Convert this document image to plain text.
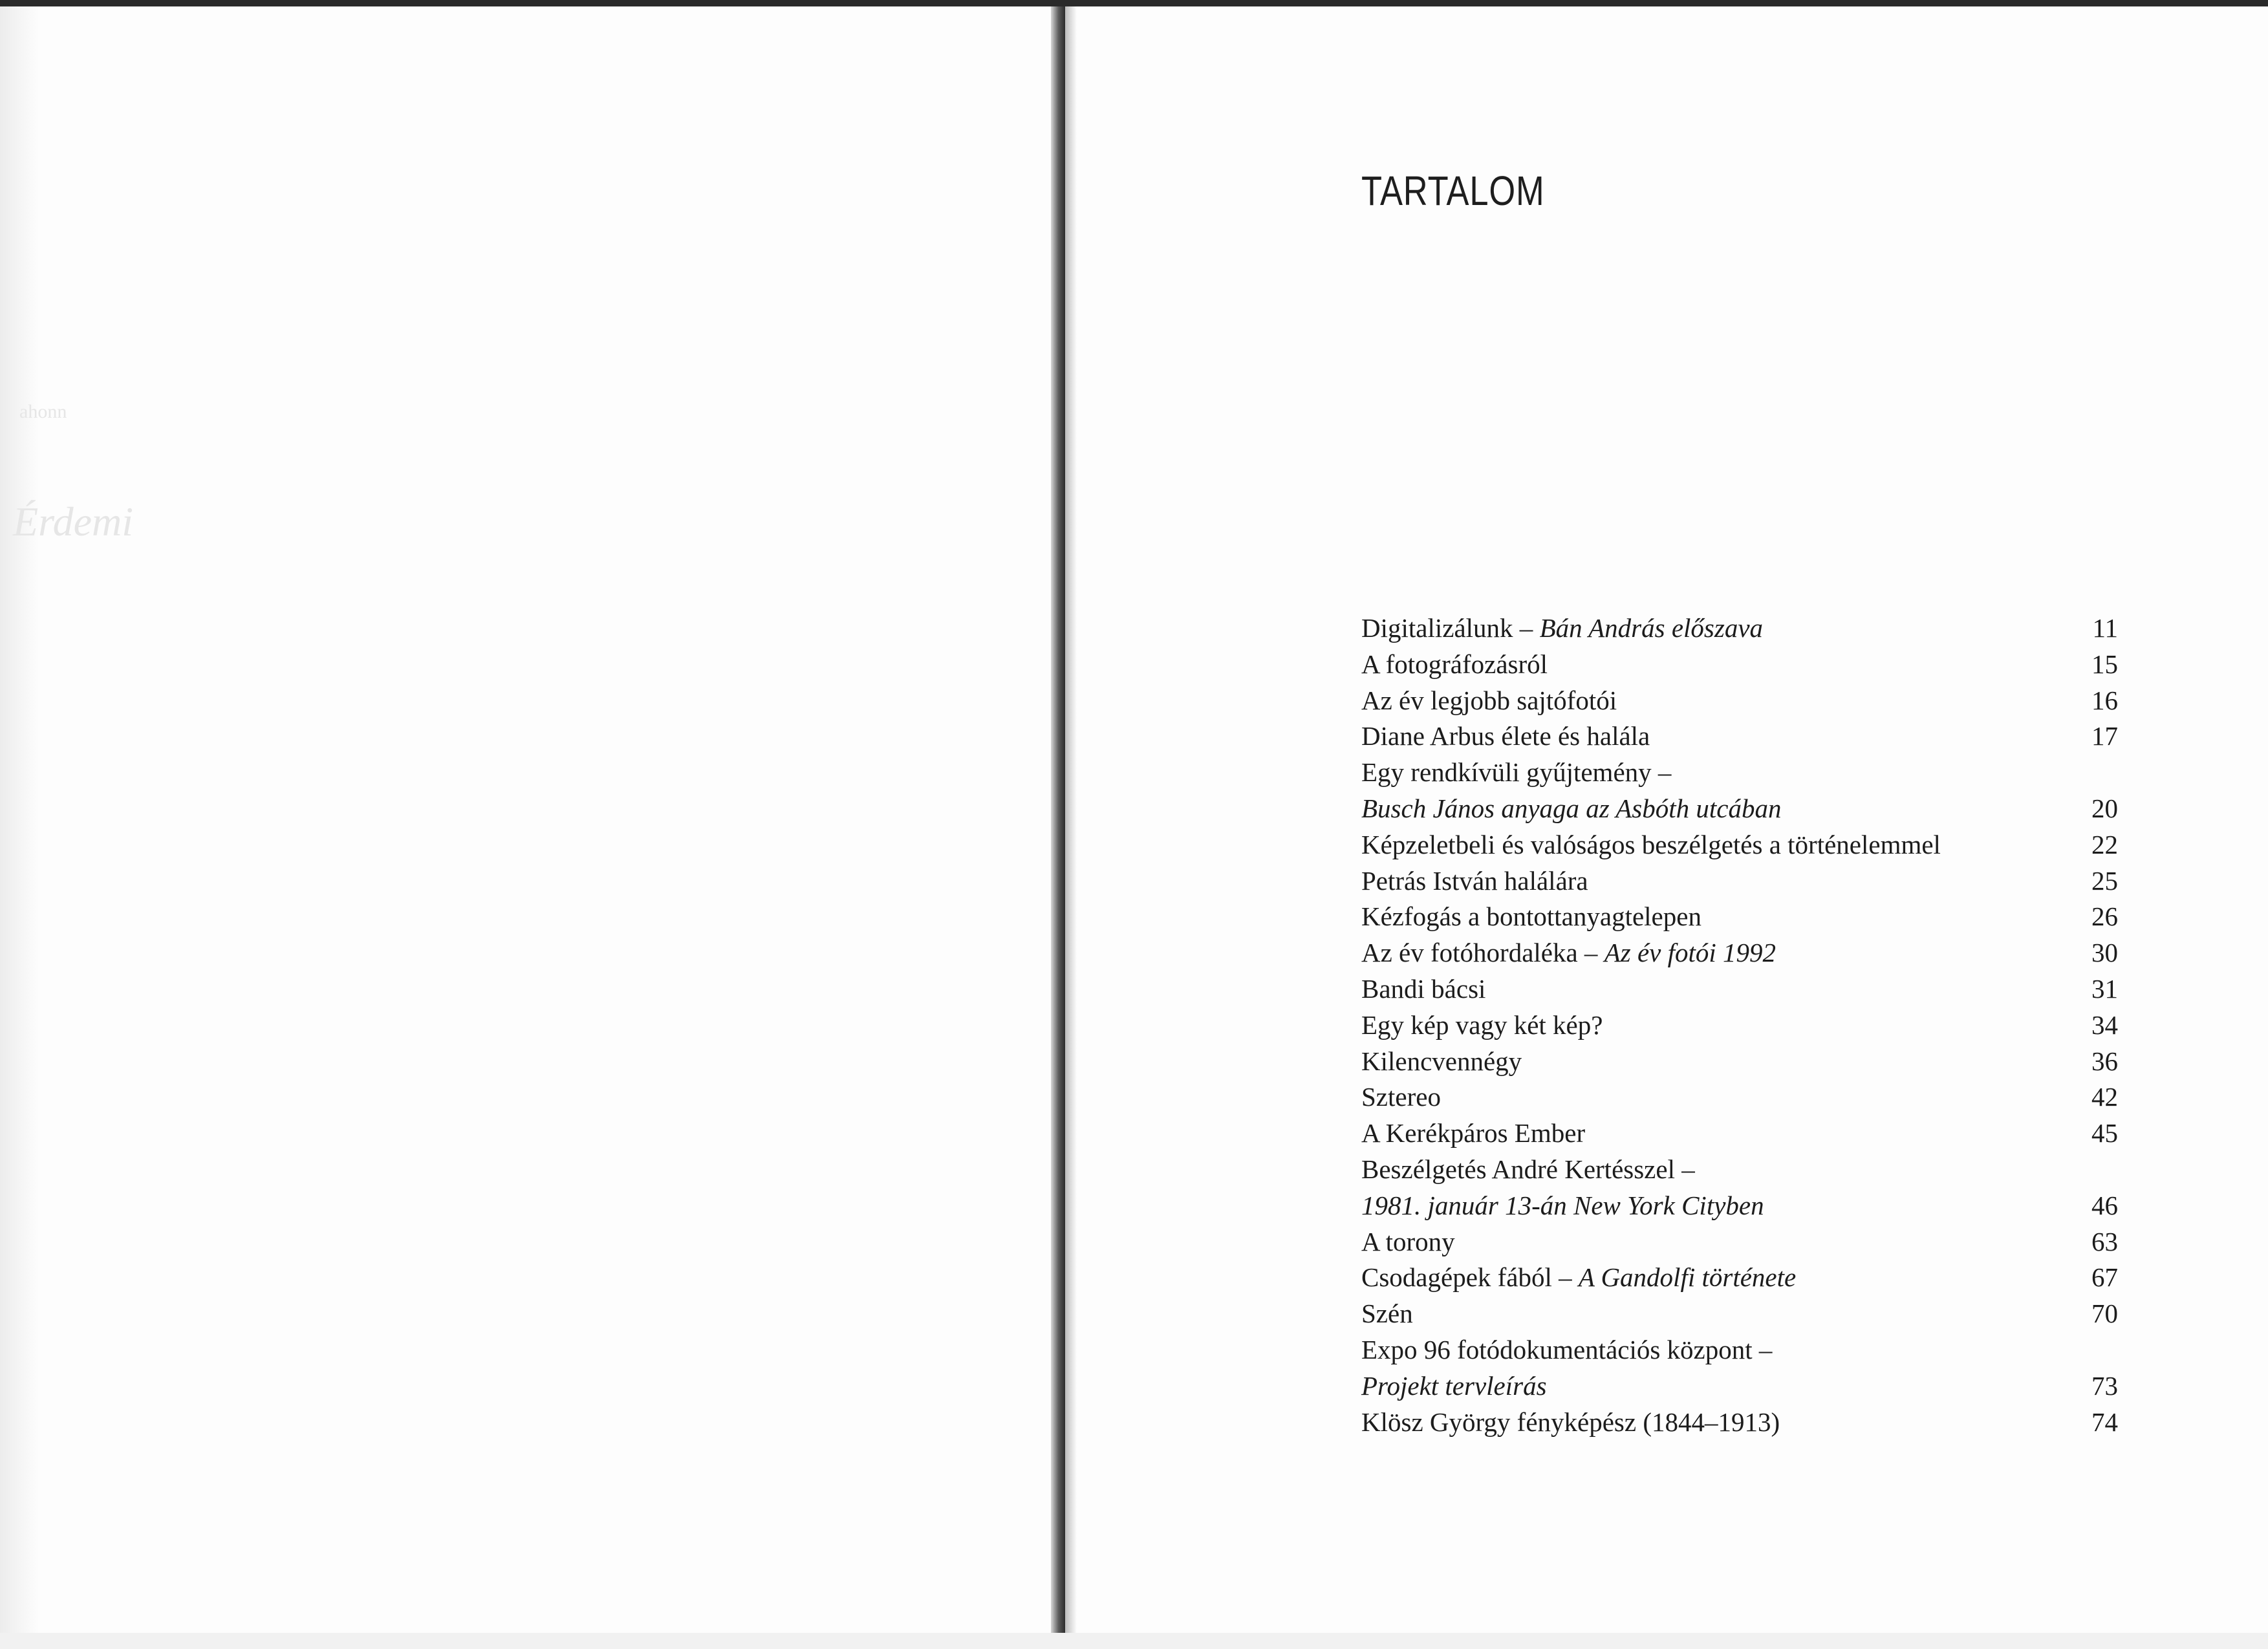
ahonn
Érdemi
TARTALOM
Digitalizálunk – Bán András előszava	11
A fotográfozásról	15
Az év legjobb sajtófotói	16
Diane Arbus élete és halála	17
Egy rendkívüli gyűjtemény –
Busch János anyaga az Asbóth utcában	20
Képzeletbeli és valóságos beszélgetés a történelemmel	22
Petrás István halálára	25
Kézfogás a bontottanyagtelepen	26
Az év fotóhordaléka – Az év fotói 1992	30
Bandi bácsi	31
Egy kép vagy két kép?	34
Kilencvennégy	36
Sztereo	42
A Kerékpáros Ember	45
Beszélgetés André Kertésszel –
1981. január 13-án New York Cityben	46
A torony	63
Csodagépek fából – A Gandolfi története	67
Szén	70
Expo 96 fotódokumentációs központ –
Projekt tervleírás	73
Klösz György fényképész (1844–1913)	74
